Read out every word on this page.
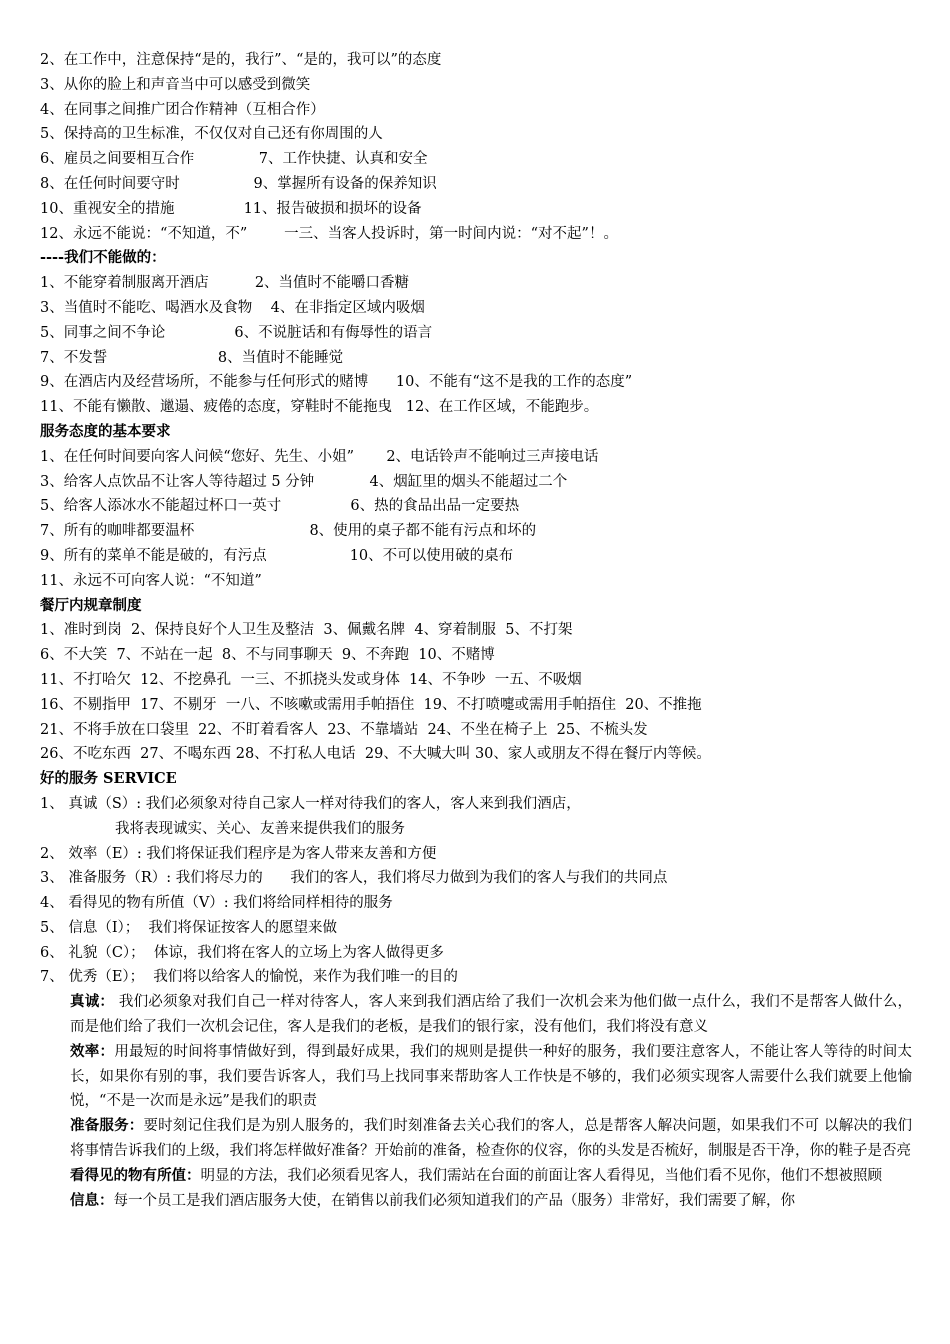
2、在工作中，注意保持“是的，我行”、“是的，我可以”的态度
3、从你的脸上和声音当中可以感受到微笑
4、在同事之间推广团合作精神（互相合作）
5、保持高的卫生标准，不仅仅对自己还有你周围的人
6、雇员之间要相互合作              7、工作快捷、认真和安全
8、在任何时间要守时                9、掌握所有设备的保养知识
10、重视安全的措施               11、报告破损和损坏的设备
12、永远不能说：“不知道，不”        一三、当客人投诉时，第一时间内说：“对不起”！。
----我们不能做的：
1、不能穿着制服离开酒店          2、当值时不能嚼口香糖
3、当值时不能吃、喝酒水及食物    4、在非指定区域内吸烟
5、同事之间不争论               6、不说脏话和有侮辱性的语言
7、不发誓                        8、当值时不能睡觉
9、在酒店内及经营场所，不能参与任何形式的赌博      10、不能有“这不是我的工作的态度”
11、不能有懒散、邋遢、疲倦的态度，穿鞋时不能拖曳   12、在工作区域，不能跑步。
服务态度的基本要求
1、在任何时间要向客人问候“您好、先生、小姐”       2、电话铃声不能响过三声接电话
3、给客人点饮品不让客人等待超过 5 分钟            4、烟缸里的烟头不能超过二个
5、给客人添冰水不能超过杯口一英寸               6、热的食品出品一定要热
7、所有的咖啡都要温杯                         8、使用的桌子都不能有污点和坏的
9、所有的菜单不能是破的，有污点                  10、不可以使用破的桌布
11、永远不可向客人说：“不知道”
餐厅内规章制度
1、准时到岗  2、保持良好个人卫生及整洁  3、佩戴名牌  4、穿着制服  5、不打架
6、不大笑  7、不站在一起  8、不与同事聊天  9、不奔跑  10、不赌博
11、不打哈欠  12、不挖鼻孔  一三、不抓挠头发或身体  14、不争吵  一五、不吸烟
16、不剔指甲  17、不剔牙  一八、不咳嗽或需用手帕捂住  19、不打喷嚏或需用手帕捂住  20、不推拖
21、不将手放在口袋里  22、不盯着看客人  23、不靠墙站  24、不坐在椅子上  25、不梳头发
26、不吃东西  27、不喝东西 28、不打私人电话  29、不大喊大叫 30、家人或朋友不得在餐厅内等候。
好的服务 SERVICE
1、 真诚（S）: 我们必须象对待自己家人一样对待我们的客人，客人来到我们酒店，
我将表现诚实、关心、友善来提供我们的服务
2、 效率（E）: 我们将保证我们程序是为客人带来友善和方便
3、 准备服务（R）: 我们将尽力的      我们的客人，我们将尽力做到为我们的客人与我们的共同点
4、 看得见的物有所值（V）: 我们将给同样相待的服务
5、 信息（I）；  我们将保证按客人的愿望来做
6、 礼貌（C）；  体谅，我们将在客人的立场上为客人做得更多
7、 优秀（E）；  我们将以给客人的愉悦，来作为我们唯一的目的
真诚： 我们必须象对我们自己一样对待客人，客人来到我们酒店给了我们一次机会来为他们做一点什么，我们不是帮客人做什么，而是他们给了我们一次机会记住，客人是我们的老板，是我们的银行家，没有他们，我们将没有意义
效率：用最短的时间将事情做好到，得到最好成果，我们的规则是提供一种好的服务，我们要注意客人，不能让客人等待的时间太长，如果你有别的事，我们要告诉客人，我们马上找同事来帮助客人工作快是不够的，我们必须实现客人需要什么我们就要上他愉悦，“不是一次而是永远”是我们的职责
准备服务：要时刻记住我们是为别人服务的，我们时刻准备去关心我们的客人，总是帮客人解决问题，如果我们不可 以解决的我们将事情告诉我们的上级，我们将怎样做好准备？开始前的准备，检查你的仪容，你的头发是否梳好，制服是否干净，你的鞋子是否亮
看得见的物有所值：明显的方法，我们必须看见客人，我们需站在台面的前面让客人看得见，当他们看不见你，他们不想被照顾
信息：每一个员工是我们酒店服务大使，在销售以前我们必须知道我们的产品（服务）非常好，我们需要了解，你
